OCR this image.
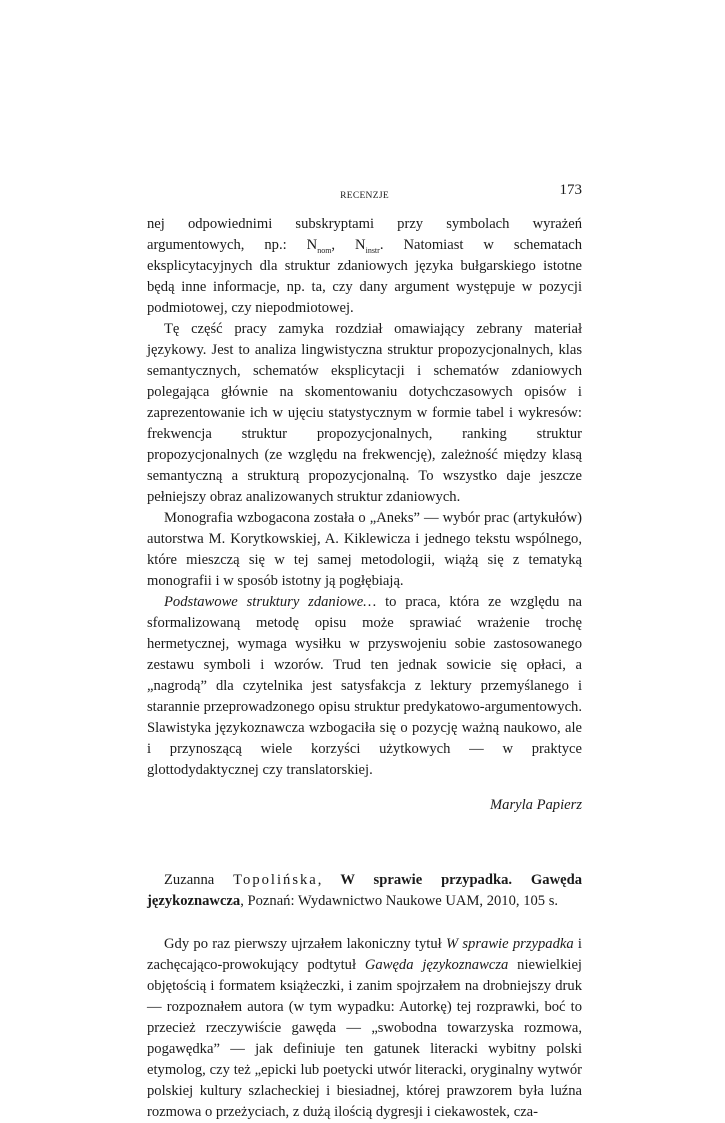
RECENZJE	173

nej odpowiednimi subskryptami przy symbolach wyrażeń argumentowych, np.: $N_{nom}$, $N_{instr}$. Natomiast w schematach eksplicytacyjnych dla struktur zdaniowych języka bułgarskiego istotne będą inne informacje, np. ta, czy dany argument występuje w pozycji podmiotowej, czy niepodmiotowej.

Tę część pracy zamyka rozdział omawiający zebrany materiał językowy. Jest to analiza lingwistyczna struktur propozycjonalnych, klas semantycznych, schematów eksplicytacji i schematów zdaniowych polegająca głównie na skomentowaniu dotychczasowych opisów i zaprezentowanie ich w ujęciu statystycznym w formie tabel i wykresów: frekwencja struktur propozycjonalnych, ranking struktur propozycjonalnych (ze względu na frekwencję), zależność między klasą semantyczną a strukturą propozycjonalną. To wszystko daje jeszcze pełniejszy obraz analizowanych struktur zdaniowych.

Monografia wzbogacona została o „Aneks” — wybór prac (artykułów) autorstwa M. Korytkowskiej, A. Kiklewicza i jednego tekstu wspólnego, które mieszczą się w tej samej metodologii, wiążą się z tematyką monografii i w sposób istotny ją pogłębiają.

Podstawowe struktury zdaniowe… to praca, która ze względu na sformalizowaną metodę opisu może sprawiać wrażenie trochę hermetycznej, wymaga wysiłku w przyswojeniu sobie zastosowanego zestawu symboli i wzorów. Trud ten jednak sowicie się opłaci, a „nagrodą” dla czytelnika jest satysfakcja z lektury przemyślanego i starannie przeprowadzonego opisu struktur predykatowo-argumentowych. Slawistyka językoznawcza wzbogaciła się o pozycję ważną naukowo, ale i przynoszącą wiele korzyści użytkowych — w praktyce glottodydaktycznej czy translatorskiej.

Maryla Papierz

Zuzanna Topolińska, W sprawie przypadka. Gawęda językoznawcza, Poznań: Wydawnictwo Naukowe UAM, 2010, 105 s.

Gdy po raz pierwszy ujrzałem lakoniczny tytuł W sprawie przypadka i zachęcająco-prowokujący podtytuł Gawęda językoznawcza niewielkiej objętością i formatem książeczki, i zanim spojrzałem na drobniejszy druk — rozpoznałem autora (w tym wypadku: Autorkę) tej rozprawki, boć to przecież rzeczywiście gawęda — „swobodna towarzyska rozmowa, pogawędka” — jak definiuje ten gatunek literacki wybitny polski etymolog, czy też „epicki lub poetycki utwór literacki, oryginalny wytwór polskiej kultury szlacheckiej i biesiadnej, której prawzorem była luźna rozmowa o przeżyciach, z dużą ilością dygresji i ciekawostek, cza-
